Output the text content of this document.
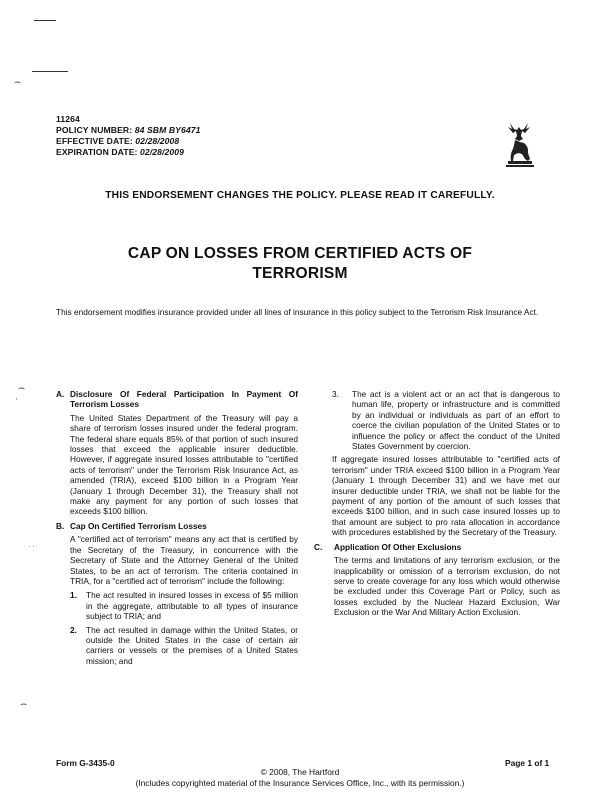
⌢
⌢
'
⌢
. .
11264
POLICY NUMBER: 84 SBM BY6471
EFFECTIVE DATE: 02/28/2008
EXPIRATION DATE: 02/28/2009
THIS ENDORSEMENT CHANGES THE POLICY. PLEASE READ IT CAREFULLY.
CAP ON LOSSES FROM CERTIFIED ACTS OF
TERRORISM
This endorsement modifies insurance provided under all lines of insurance in this policy subject to the Terrorism Risk Insurance Act.
A. Disclosure Of Federal Participation In Payment Of Terrorism Losses
The United States Department of the Treasury will pay a share of terrorism losses insured under the federal program. The federal share equals 85% of that portion of such insured losses that exceed the applicable insurer deductible. However, if aggregate insured losses attributable to "certified acts of terrorism" under the Terrorism Risk Insurance Act, as amended (TRIA), exceed $100 billion in a Program Year (January 1 through December 31), the Treasury shall not make any payment for any portion of such losses that exceeds $100 billion.
B. Cap On Certified Terrorism Losses
A "certified act of terrorism" means any act that is certified by the Secretary of the Treasury, in concurrence with the Secretary of State and the Attorney General of the United States, to be an act of terrorism. The criteria contained in TRIA, for a "certified act of terrorism" include the following:
1.	The act resulted in insured losses in excess of $5 million in the aggregate, attributable to all types of insurance subject to TRIA; and
2.	The act resulted in damage within the United States, or outside the United States in the case of certain air carriers or vessels or the premises of a United States mission; and
3.	The act is a violent act or an act that is dangerous to human life, property or infrastructure and is committed by an individual or individuals as part of an effort to coerce the civilian population of the United States or to influence the policy or affect the conduct of the United States Government by coercion.
If aggregate insured losses attributable to "certified acts of terrorism" under TRIA exceed $100 billion in a Program Year (January 1 through December 31) and we have met our insurer deductible under TRIA, we shall not be liable for the payment of any portion of the amount of such losses that exceeds $100 billion, and in such case insured losses up to that amount are subject to pro rata allocation in accordance with procedures established by the Secretary of the Treasury.
C.	Application Of Other Exclusions
The terms and limitations of any terrorism exclusion, or the inapplicability or omission of a terrorism exclusion, do not serve to create coverage for any loss which would otherwise be excluded under this Coverage Part or Policy, such as losses excluded by the Nuclear Hazard Exclusion, War Exclusion or the War And Military Action Exclusion.
Form G-3435-0	Page 1 of 1
© 2008, The Hartford
(Includes copyrighted material of the Insurance Services Office, Inc., with its permission.)
